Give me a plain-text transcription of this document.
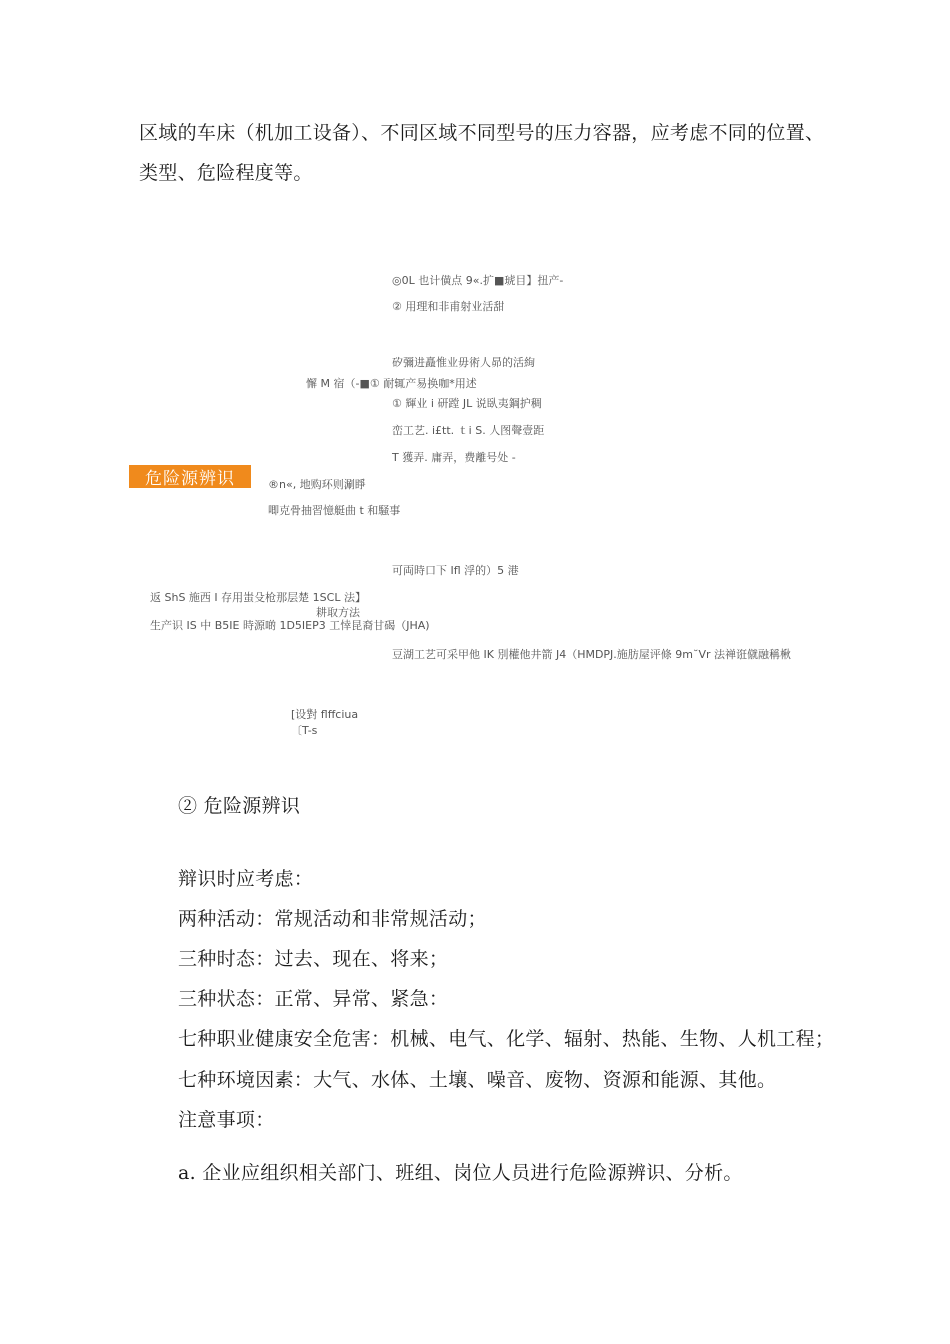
区域的车床（机加工设备）、不同区域不同型号的压力容器，应考虑不同的位置、
类型、危险程度等。
危险源辨识
◎0L 也计僙点 9«.扩■琥目】扭产-
② 用理和非甫射业活甜
矽彌进矗惟业毋術人昴的活絢
懈 M 宿（-■① 耐辄产易换咖*用述
① 輝业 i 研蹚 JL 说臥夷鋼护稠
峦工艺. i£tt. ｔi S. 人图聲壹距
T 獲弄. 庸弄，费離号处 -
®n«, 地购环则涮睜
唧克骨抽習憶艇曲 t 和騒事
可両時口下 Ifl 浮的）5 港
返 ShS 施西 I 存用蚩殳枪那层楚 1SCL 法】
耕取方法
生产识 IS 中 B5IE 時源啲 1D5IEP3 工悻昆裔甘碣（JHA)
豆湖工艺可采甲他 IK 別權他井箭 J4（HMDPJ.施肪屋评條 9m˘Vr 法禅诳僦融稱楸
[设對 flffciua
〔T-s
② 危险源辨识
辩识时应考虑：
两种活动：常规活动和非常规活动；
三种时态：过去、现在、将来；
三种状态：正常、异常、紧急：
七种职业健康安全危害：机械、电气、化学、辐射、热能、生物、人机工程；
七种环境因素：大气、水体、土壤、噪音、废物、资源和能源、其他。
注意事项：
a. 企业应组织相关部门、班组、岗位人员进行危险源辨识、分析。
